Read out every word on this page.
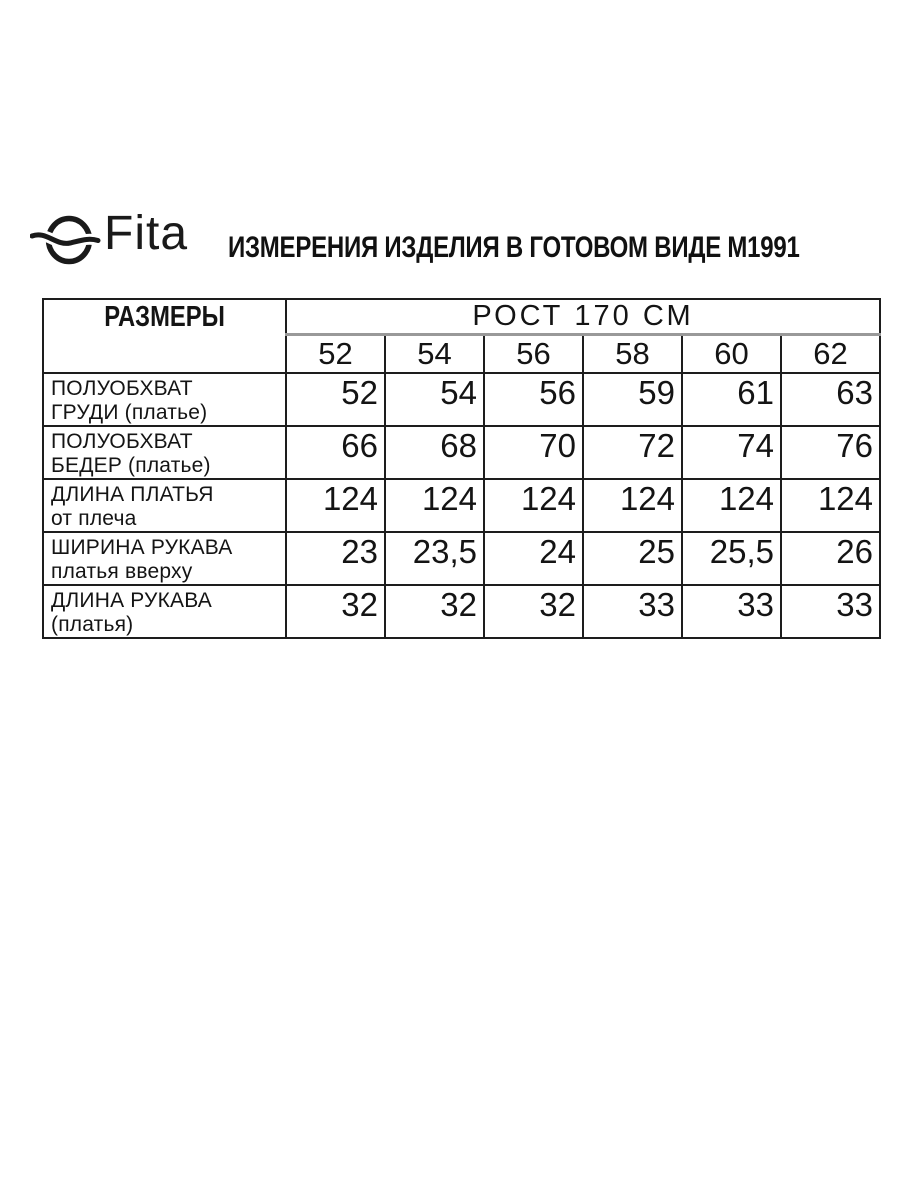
Fita ИЗМЕРЕНИЯ ИЗДЕЛИЯ В ГОТОВОМ ВИДЕ М1991
РАЗМЕРЫ	РОСТ 170 СМ					
	52	54	56	58	60	62

ПОЛУОБХВАТ
ГРУДИ (платье)	52	54	56	59	61	63

ПОЛУОБХВАТ
БЕДЕР (платье)	66	68	70	72	74	76

ДЛИНА ПЛАТЬЯ
от плеча	124	124	124	124	124	124

ШИРИНА РУКАВА
платья вверху	23	23,5	24	25	25,5	26

ДЛИНА РУКАВА
(платья)	32	32	32	33	33	33
